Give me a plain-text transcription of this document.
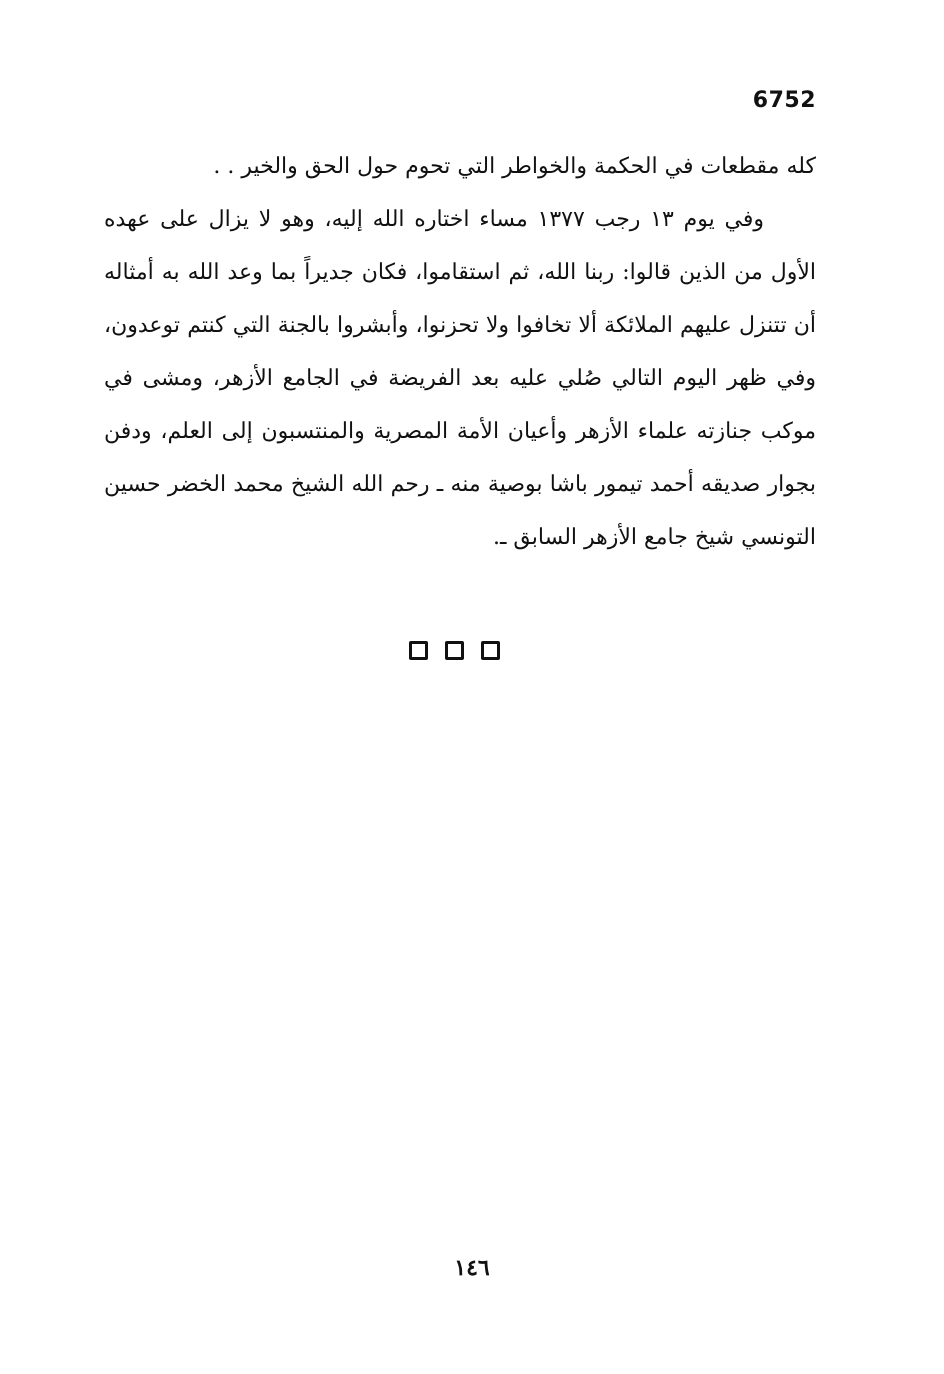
6752

كله مقطعات في الحكمة والخواطر التي تحوم حول الحق والخير . .

وفي يوم ١٣ رجب ١٣٧٧ مساء اختاره الله إليه، وهو لا يزال على عهده الأول من الذين قالوا: ربنا الله، ثم استقاموا، فكان جديراً بما وعد الله به أمثاله أن تتنزل عليهم الملائكة ألا تخافوا ولا تحزنوا، وأبشروا بالجنة التي كنتم توعدون، وفي ظهر اليوم التالي صُلي عليه بعد الفريضة في الجامع الأزهر، ومشى في موكب جنازته علماء الأزهر وأعيان الأمة المصرية والمنتسبون إلى العلم، ودفن بجوار صديقه أحمد تيمور باشا بوصية منه ـ رحم الله الشيخ محمد الخضر حسين التونسي شيخ جامع الأزهر السابق ـ.

١٤٦
